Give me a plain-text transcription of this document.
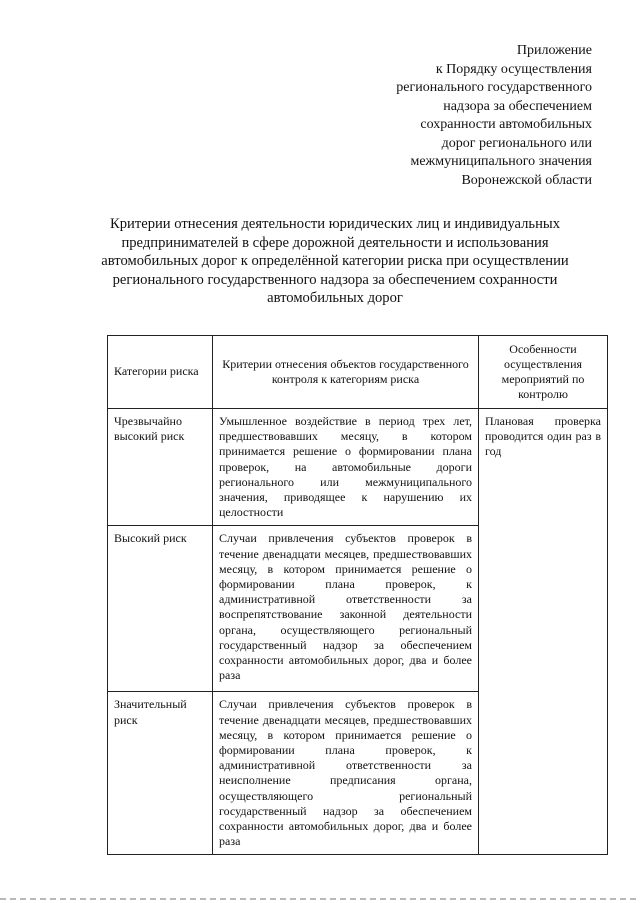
Приложение
к Порядку осуществления
регионального государственного
надзора за обеспечением
сохранности автомобильных
дорог регионального или
межмуниципального значения
Воронежской области
Критерии отнесения деятельности юридических лиц и индивидуальных
предпринимателей в сфере дорожной деятельности и использования
автомобильных дорог к определённой категории риска при осуществлении
регионального государственного надзора за обеспечением сохранности
автомобильных дорог
Категории риска	Критерии отнесения объектов государственного контроля к категориям риска	Особенности осуществления мероприятий по контролю
Чрезвычайно высокий риск	Умышленное воздействие в период трех лет, предшествовавших месяцу, в котором принимается решение о формировании плана проверок, на автомобильные дороги регионального или межмуниципального значения, приводящее к нарушению их целостности	Плановая проверка проводится один раз в год
Высокий риск	Случаи привлечения субъектов проверок в течение двенадцати месяцев, предшествовавших месяцу, в котором принимается решение о формировании плана проверок, к административной ответственности за воспрепятствование законной деятельности органа, осуществляющего региональный государственный надзор за обеспечением сохранности автомобильных дорог, два и более раза	
Значительный риск	Случаи привлечения субъектов проверок в течение двенадцати месяцев, предшествовавших месяцу, в котором принимается решение о формировании плана проверок, к административной ответственности за неисполнение предписания органа, осуществляющего региональный государственный надзор за обеспечением сохранности автомобильных дорог, два и более раза	
